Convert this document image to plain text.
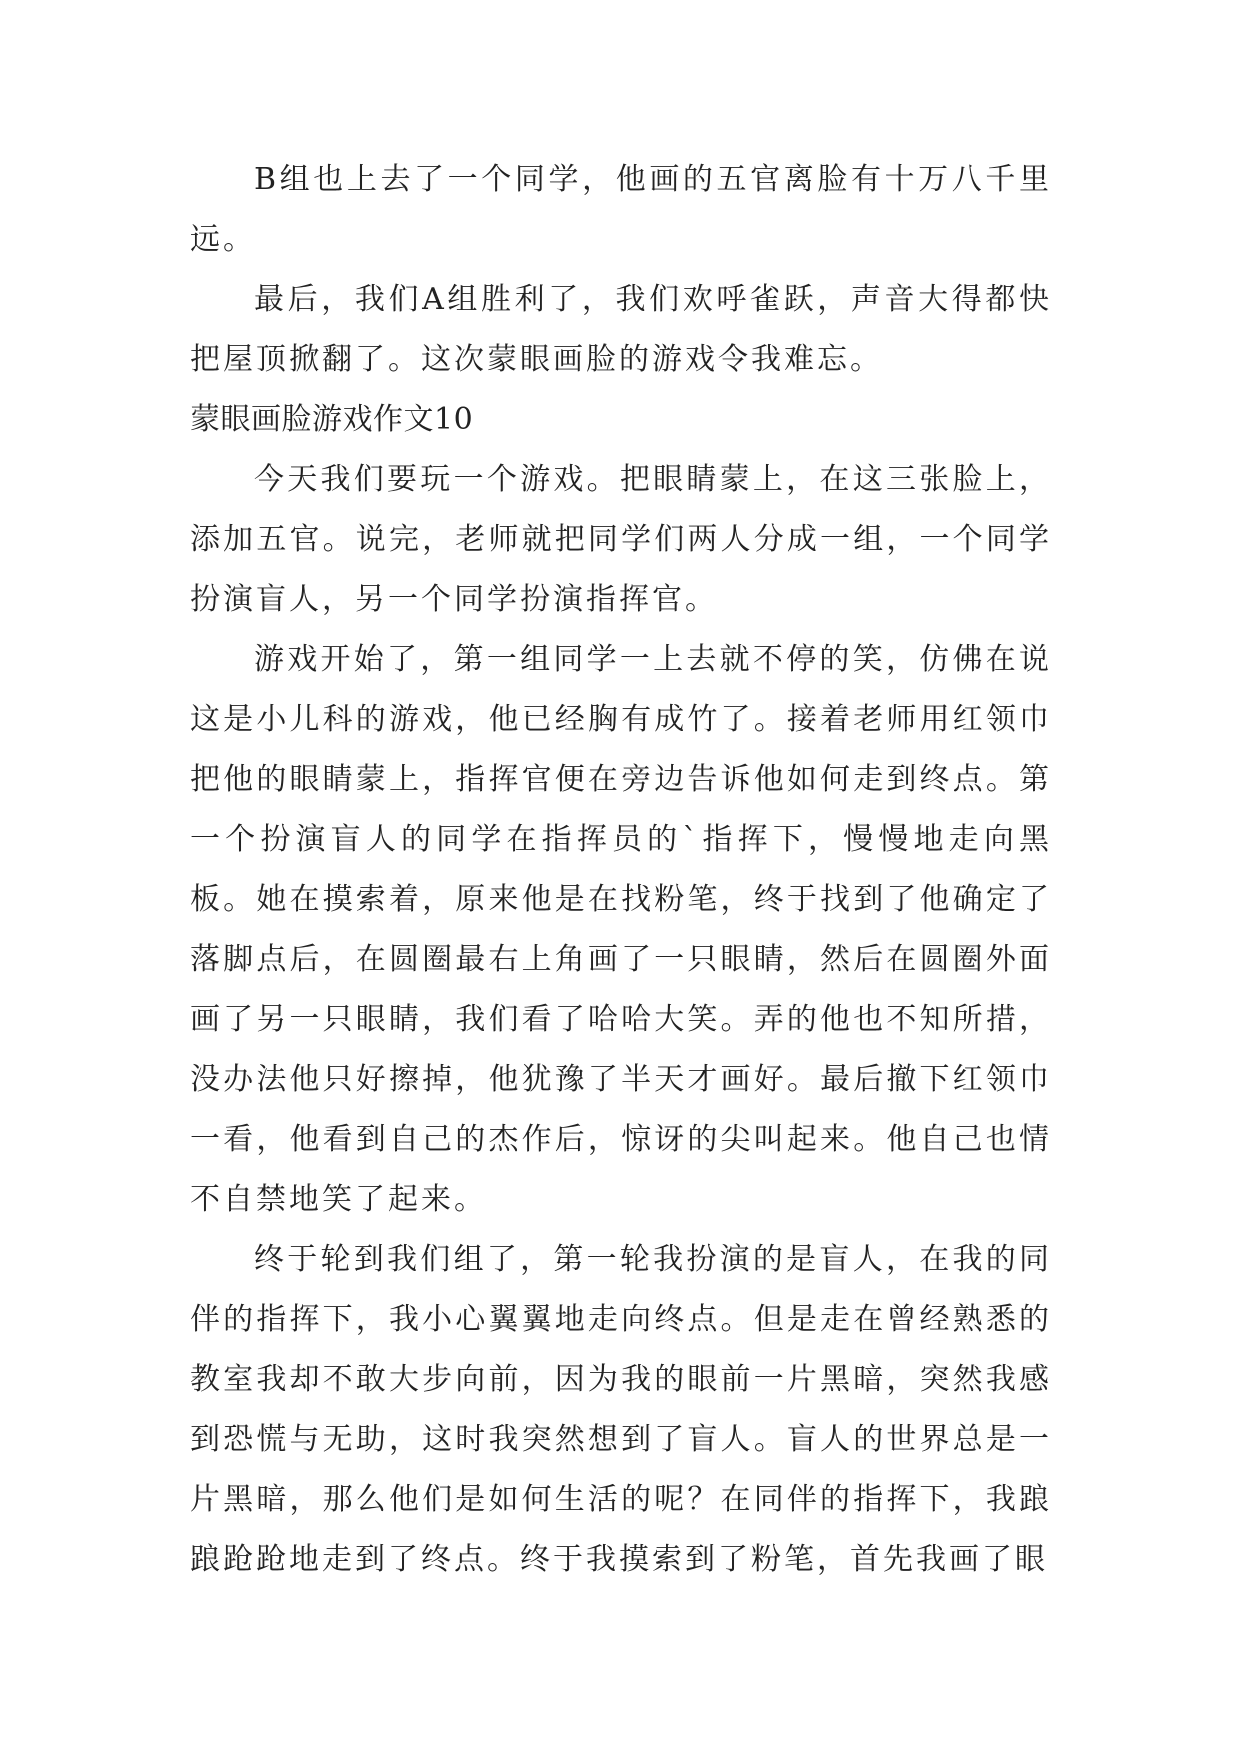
B组也上去了一个同学，他画的五官离脸有十万八千里远。

最后，我们A组胜利了，我们欢呼雀跃，声音大得都快把屋顶掀翻了。这次蒙眼画脸的游戏令我难忘。

蒙眼画脸游戏作文10

今天我们要玩一个游戏。把眼睛蒙上，在这三张脸上，添加五官。说完，老师就把同学们两人分成一组，一个同学扮演盲人，另一个同学扮演指挥官。

游戏开始了，第一组同学一上去就不停的笑，仿佛在说这是小儿科的游戏，他已经胸有成竹了。接着老师用红领巾把他的眼睛蒙上，指挥官便在旁边告诉他如何走到终点。第一个扮演盲人的同学在指挥员的`指挥下，慢慢地走向黑板。她在摸索着，原来他是在找粉笔，终于找到了他确定了落脚点后，在圆圈最右上角画了一只眼睛，然后在圆圈外面画了另一只眼睛，我们看了哈哈大笑。弄的他也不知所措，没办法他只好擦掉，他犹豫了半天才画好。最后撤下红领巾一看，他看到自己的杰作后，惊讶的尖叫起来。他自己也情不自禁地笑了起来。

终于轮到我们组了，第一轮我扮演的是盲人，在我的同伴的指挥下，我小心翼翼地走向终点。但是走在曾经熟悉的教室我却不敢大步向前，因为我的眼前一片黑暗，突然我感到恐慌与无助，这时我突然想到了盲人。盲人的世界总是一片黑暗，那么他们是如何生活的呢？在同伴的指挥下，我踉踉跄跄地走到了终点。终于我摸索到了粉笔，首先我画了眼
